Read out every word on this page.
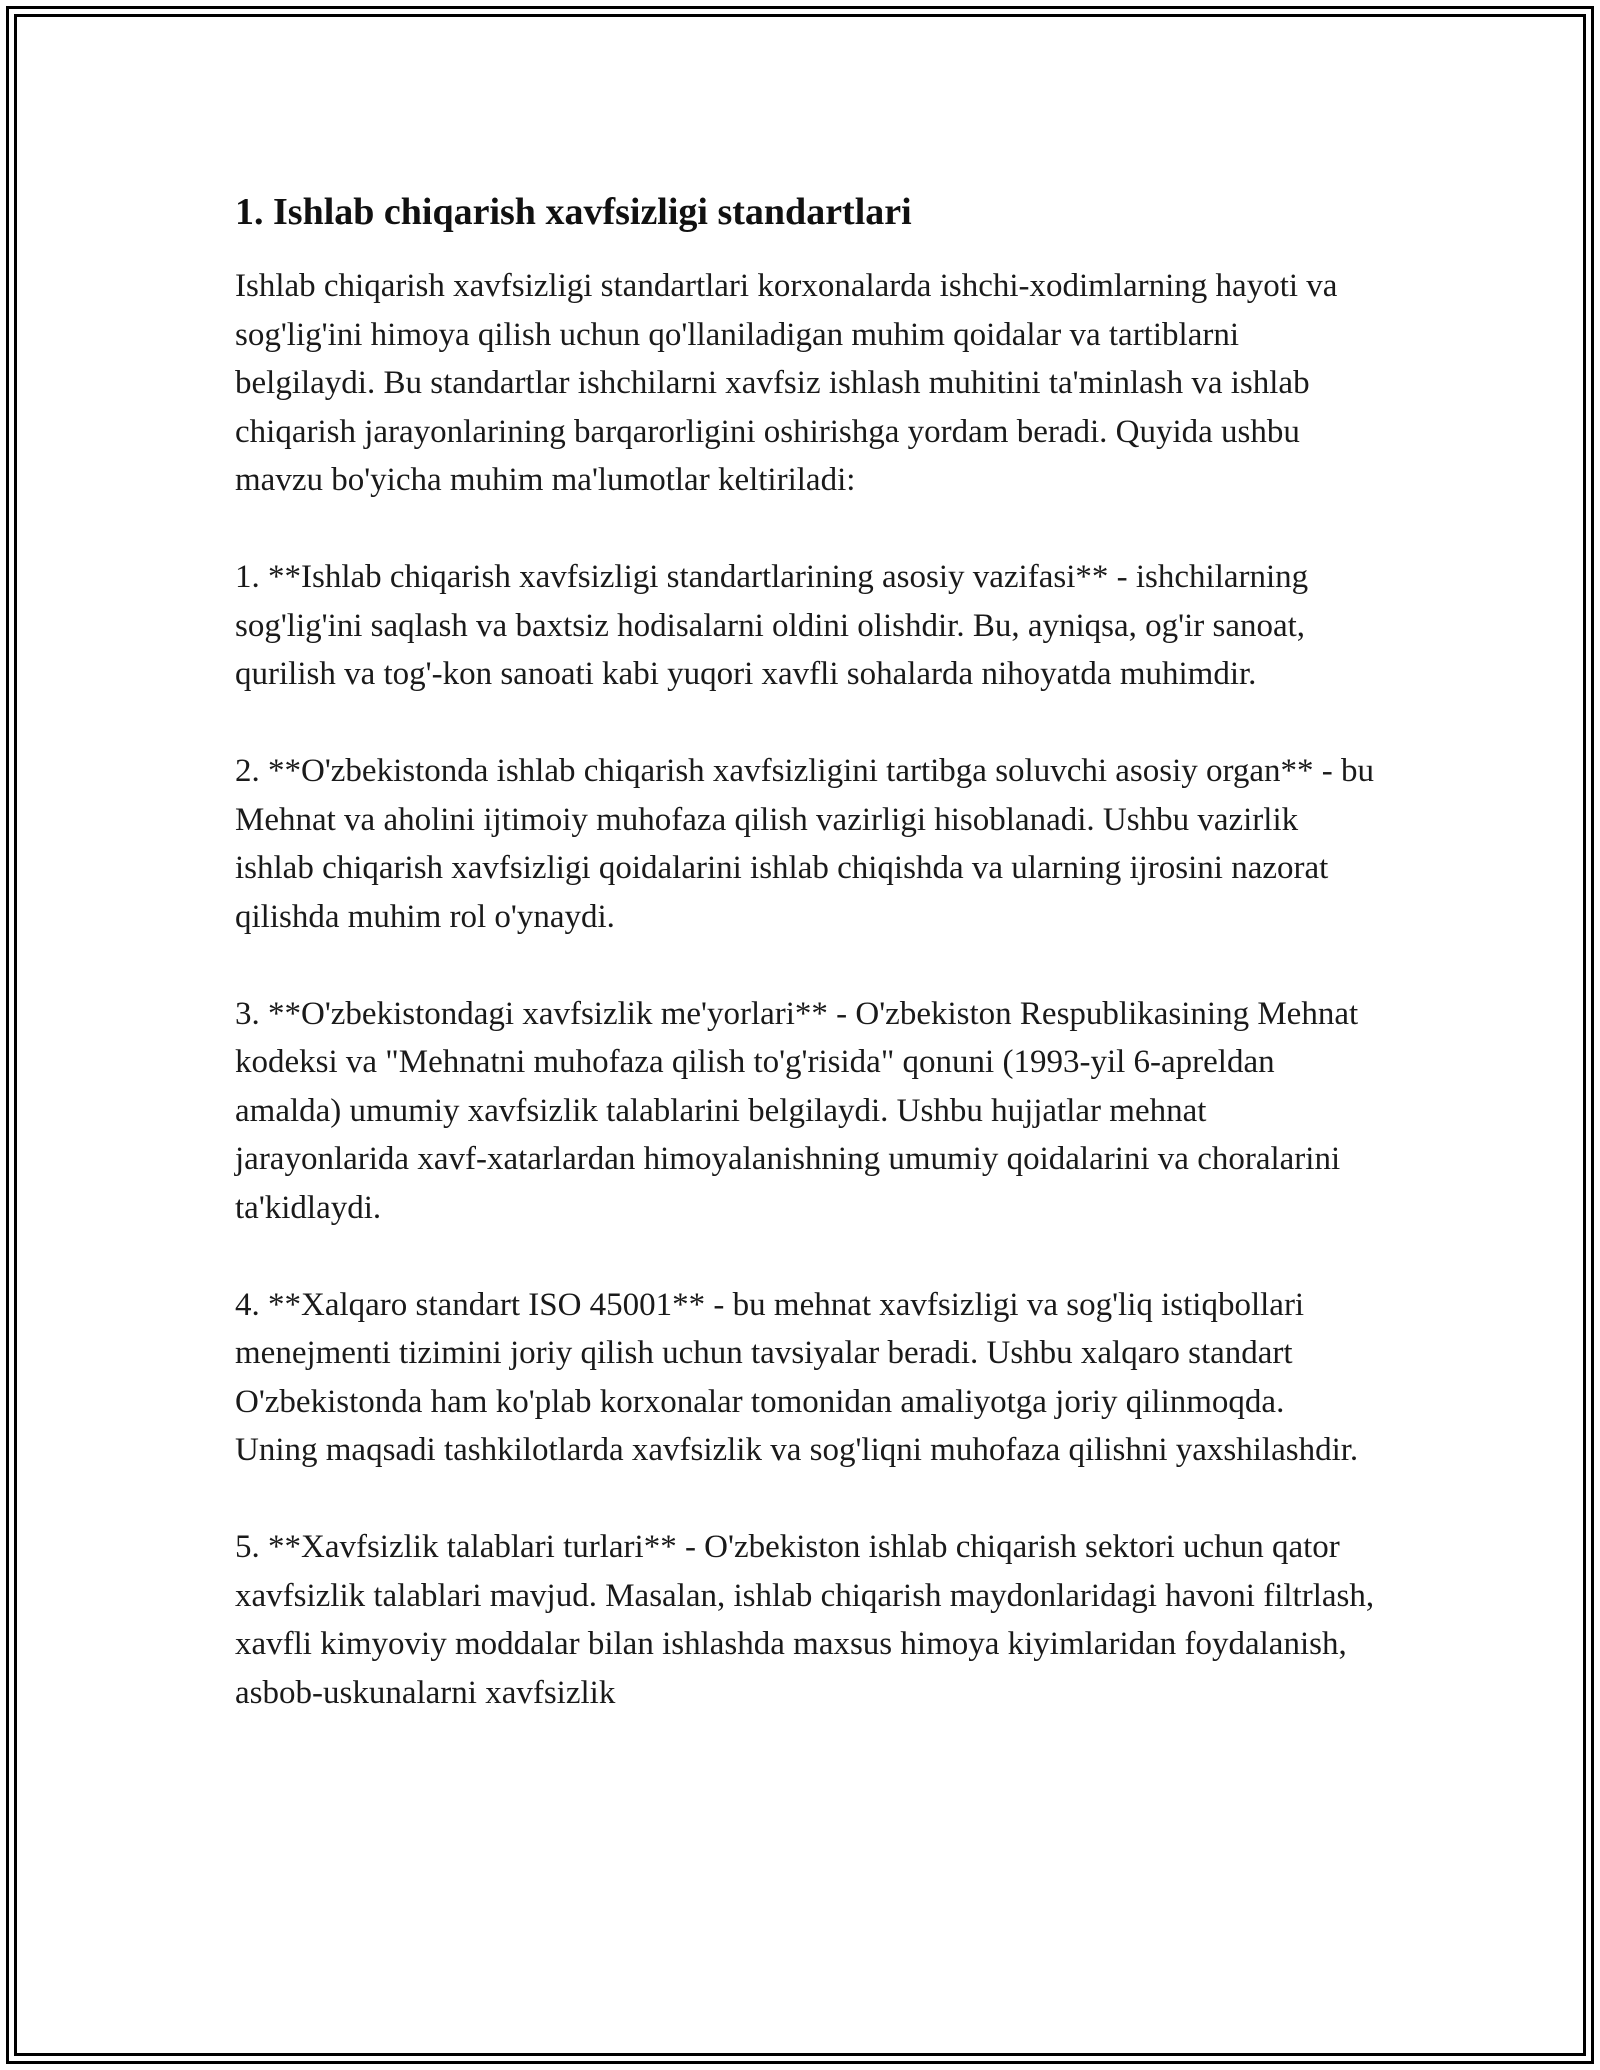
1. Ishlab chiqarish xavfsizligi standartlari

Ishlab chiqarish xavfsizligi standartlari korxonalarda ishchi-xodimlarning hayoti va sog'lig'ini himoya qilish uchun qo'llaniladigan muhim qoidalar va tartiblarni belgilaydi. Bu standartlar ishchilarni xavfsiz ishlash muhitini ta'minlash va ishlab chiqarish jarayonlarining barqarorligini oshirishga yordam beradi. Quyida ushbu mavzu bo'yicha muhim ma'lumotlar keltiriladi:

1. **Ishlab chiqarish xavfsizligi standartlarining asosiy vazifasi** - ishchilarning sog'lig'ini saqlash va baxtsiz hodisalarni oldini olishdir. Bu, ayniqsa, og'ir sanoat, qurilish va tog'-kon sanoati kabi yuqori xavfli sohalarda nihoyatda muhimdir.

2. **O'zbekistonda ishlab chiqarish xavfsizligini tartibga soluvchi asosiy organ** - bu Mehnat va aholini ijtimoiy muhofaza qilish vazirligi hisoblanadi. Ushbu vazirlik ishlab chiqarish xavfsizligi qoidalarini ishlab chiqishda va ularning ijrosini nazorat qilishda muhim rol o'ynaydi.

3. **O'zbekistondagi xavfsizlik me'yorlari** - O'zbekiston Respublikasining Mehnat kodeksi va "Mehnatni muhofaza qilish to'g'risida" qonuni (1993-yil 6-apreldan amalda) umumiy xavfsizlik talablarini belgilaydi. Ushbu hujjatlar mehnat jarayonlarida xavf-xatarlardan himoyalanishning umumiy qoidalarini va choralarini ta'kidlaydi.

4. **Xalqaro standart ISO 45001** - bu mehnat xavfsizligi va sog'liq istiqbollari menejmenti tizimini joriy qilish uchun tavsiyalar beradi. Ushbu xalqaro standart O'zbekistonda ham ko'plab korxonalar tomonidan amaliyotga joriy qilinmoqda. Uning maqsadi tashkilotlarda xavfsizlik va sog'liqni muhofaza qilishni yaxshilashdir.

5. **Xavfsizlik talablari turlari** - O'zbekiston ishlab chiqarish sektori uchun qator xavfsizlik talablari mavjud. Masalan, ishlab chiqarish maydonlaridagi havoni filtrlash, xavfli kimyoviy moddalar bilan ishlashda maxsus himoya kiyimlaridan foydalanish, asbob-uskunalarni xavfsizlik
